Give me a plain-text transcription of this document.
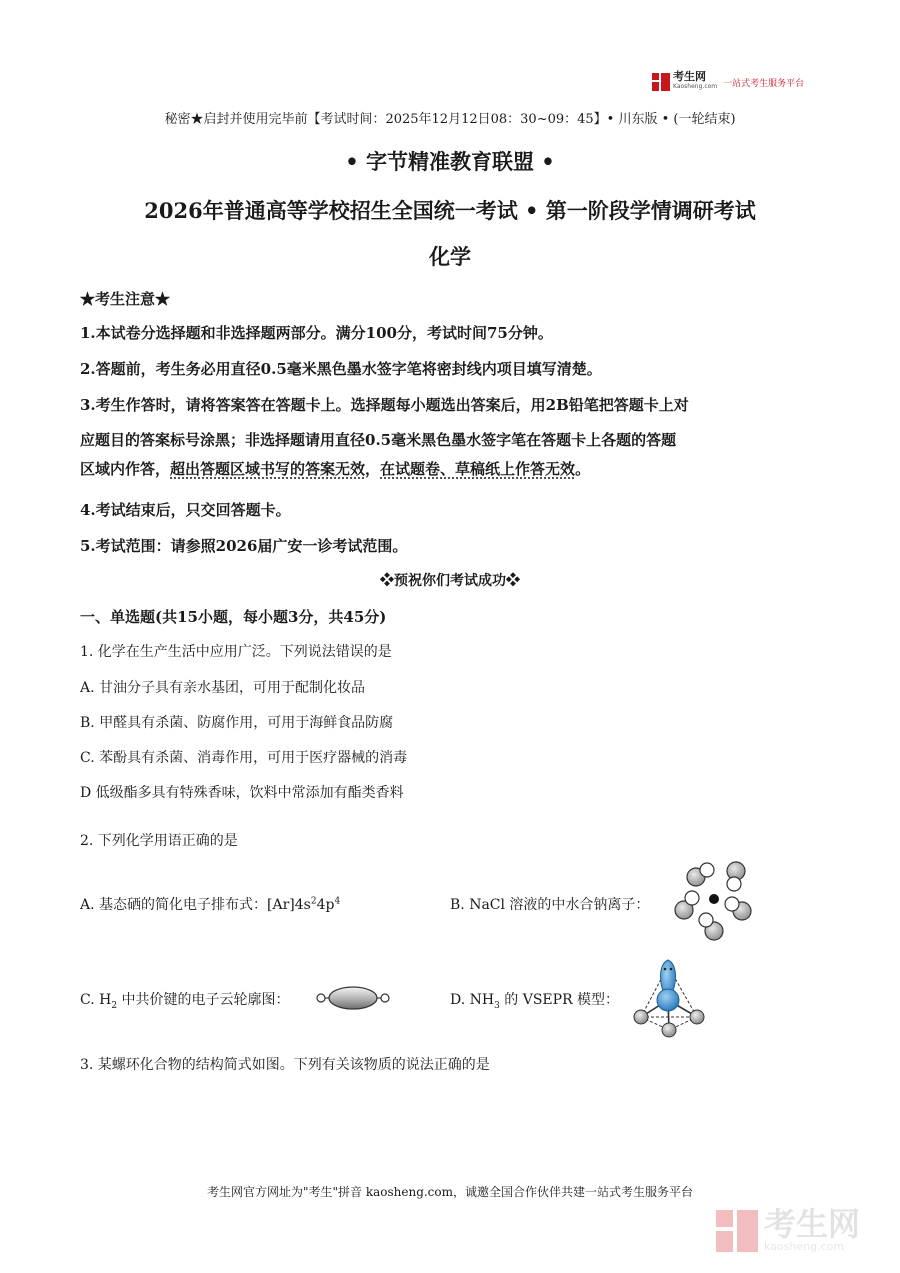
考生网
Kaosheng.com 一站式考生服务平台
秘密★启封并使用完毕前【考试时间：2025年12月12日08：30~09：45】• 川东版 • (一轮结束)
• 字节精准教育联盟 •
2026年普通高等学校招生全国统一考试 • 第一阶段学情调研考试
化学
★考生注意★
1.本试卷分选择题和非选择题两部分。满分100分，考试时间75分钟。
2.答题前，考生务必用直径0.5毫米黑色墨水签字笔将密封线内项目填写清楚。
3.考生作答时，请将答案答在答题卡上。选择题每小题选出答案后，用2B铅笔把答题卡上对
应题目的答案标号涂黑；非选择题请用直径0.5毫米黑色墨水签字笔在答题卡上各题的答题
区域内作答，超出答题区域书写的答案无效，在试题卷、草稿纸上作答无效。
4.考试结束后，只交回答题卡。
5.考试范围：请参照2026届广安一诊考试范围。
❖预祝你们考试成功❖
一、单选题(共15小题，每小题3分，共45分)
1. 化学在生产生活中应用广泛。下列说法错误的是
A. 甘油分子具有亲水基团，可用于配制化妆品
B. 甲醛具有杀菌、防腐作用，可用于海鲜食品防腐
C. 苯酚具有杀菌、消毒作用，可用于医疗器械的消毒
D 低级酯多具有特殊香味，饮料中常添加有酯类香料
2. 下列化学用语正确的是
A. 基态硒的简化电子排布式：$[Ar]4s^24p^4$	B. NaCl 溶液的中水合钠离子：
C. $H_2$ 中共价键的电子云轮廓图：	D. $NH_3$ 的 VSEPR 模型：
3. 某螺环化合物的结构简式如图。下列有关该物质的说法正确的是
考生网官方网址为"考生"拼音 kaosheng.com，诚邀全国合作伙伴共建一站式考生服务平台
考生网
kaosheng.com
